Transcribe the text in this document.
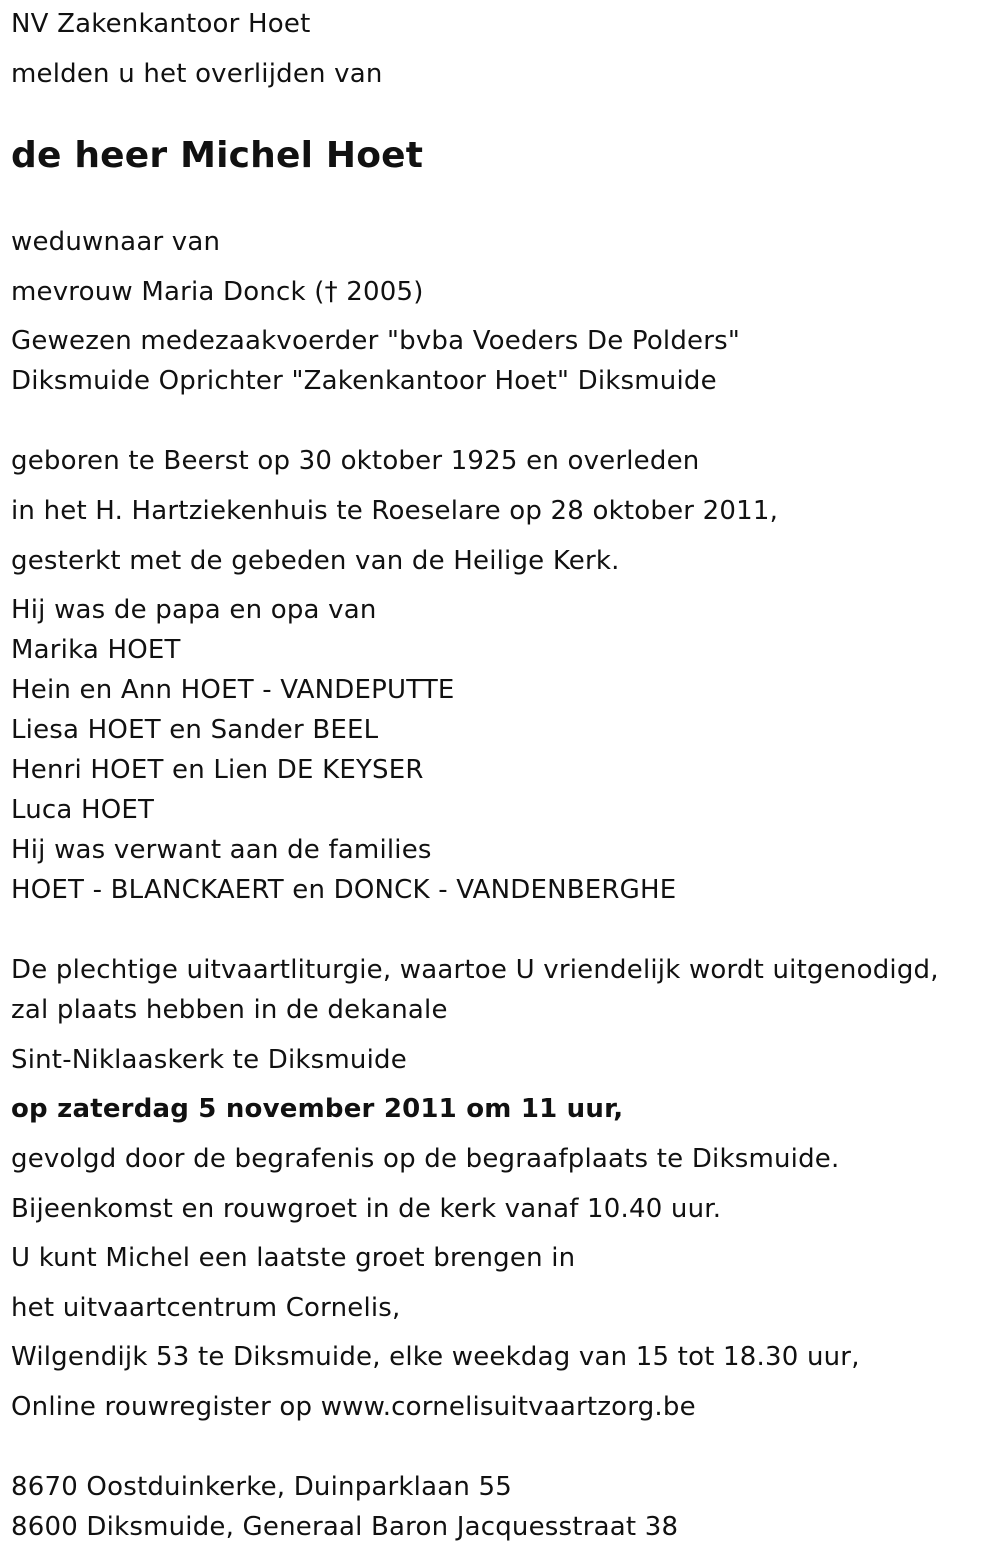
NV Zakenkantoor Hoet
melden u het overlijden van
de heer Michel Hoet
weduwnaar van
mevrouw Maria Donck († 2005)
Gewezen medezaakvoerder "bvba Voeders De Polders"
Diksmuide Oprichter "Zakenkantoor Hoet" Diksmuide
geboren te Beerst op 30 oktober 1925 en overleden
in het H. Hartziekenhuis te Roeselare op 28 oktober 2011,
gesterkt met de gebeden van de Heilige Kerk.
Hij was de papa en opa van
Marika HOET
Hein en Ann HOET - VANDEPUTTE
Liesa HOET en Sander BEEL
Henri HOET en Lien DE KEYSER
Luca HOET
Hij was verwant aan de families
HOET - BLANCKAERT en DONCK - VANDENBERGHE
De plechtige uitvaartliturgie, waartoe U vriendelijk wordt uitgenodigd,
zal plaats hebben in de dekanale
Sint-Niklaaskerk te Diksmuide
op zaterdag 5 november 2011 om 11 uur,
gevolgd door de begrafenis op de begraafplaats te Diksmuide.
Bijeenkomst en rouwgroet in de kerk vanaf 10.40 uur.
U kunt Michel een laatste groet brengen in
het uitvaartcentrum Cornelis,
Wilgendijk 53 te Diksmuide, elke weekdag van 15 tot 18.30 uur,
Online rouwregister op www.cornelisuitvaartzorg.be
8670 Oostduinkerke, Duinparklaan 55
8600 Diksmuide, Generaal Baron Jacquesstraat 38
